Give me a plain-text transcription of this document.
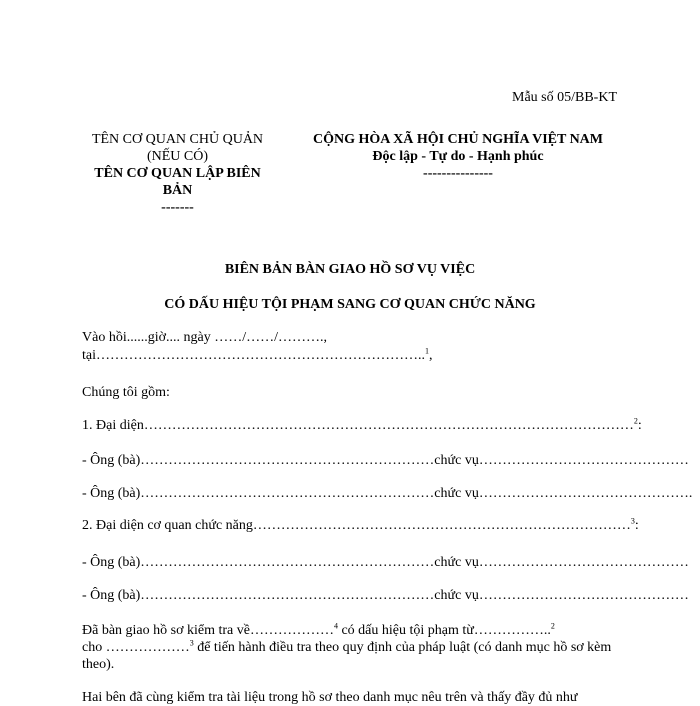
Mẫu số 05/BB-KT
TÊN CƠ QUAN CHỦ QUẢN
(NẾU CÓ)
TÊN CƠ QUAN LẬP BIÊN
BẢN
-------
CỘNG HÒA XÃ HỘI CHỦ NGHĨA VIỆT NAM
Độc lập - Tự do - Hạnh phúc
---------------
BIÊN BẢN BÀN GIAO HỒ SƠ VỤ VIỆC
CÓ DẤU HIỆU TỘI PHẠM SANG CƠ QUAN CHỨC NĂNG
Vào hồi......giờ.... ngày ……/……/……….,
tại……………………………………………………………..$^1$,
Chúng tôi gồm:
1. Đại diện……………………………………………………………………………………………$^2$:
- Ông (bà)………………………………………………………chức vụ………………………………………
- Ông (bà)………………………………………………………chức vụ……………………………………….
2. Đại diện cơ quan chức năng………………………………………………………………………$^3$:
- Ông (bà)………………………………………………………chức vụ………………………………………
- Ông (bà)………………………………………………………chức vụ………………………………………
Đã bàn giao hồ sơ kiểm tra về………………$^4$ có dấu hiệu tội phạm từ……………..$^2$
cho ………………$^3$ để tiến hành điều tra theo quy định của pháp luật (có danh mục hồ sơ kèm theo).
Hai bên đã cùng kiểm tra tài liệu trong hồ sơ theo danh mục nêu trên và thấy đầy đủ như
